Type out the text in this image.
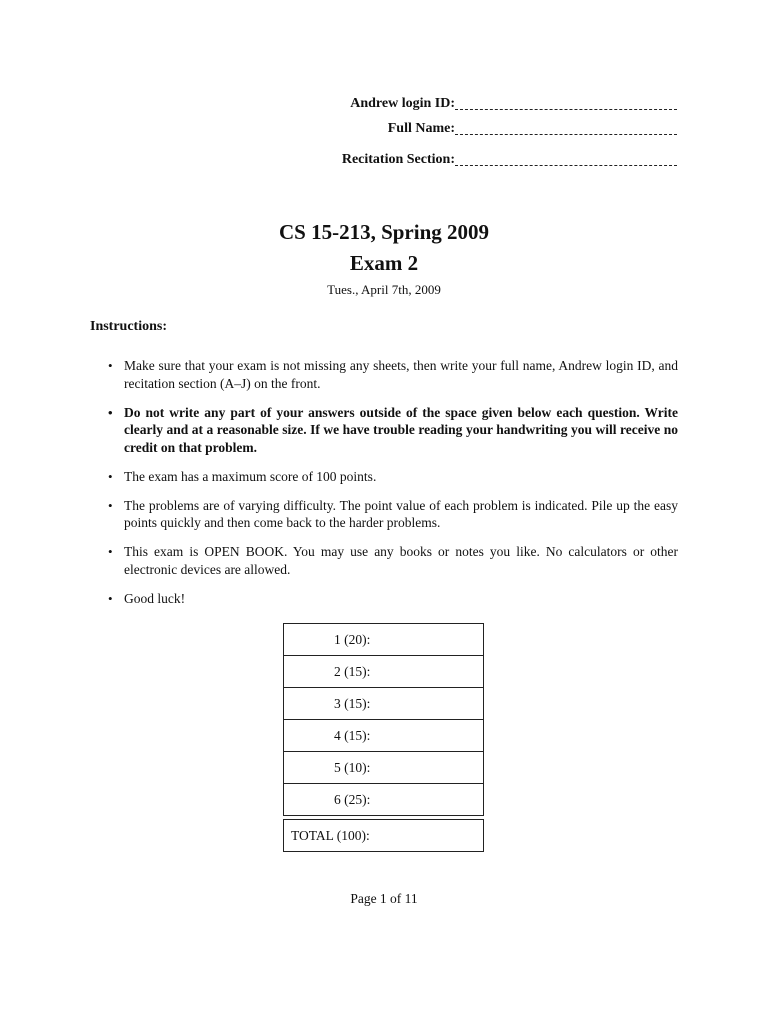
Andrew login ID:
Full Name:
Recitation Section:
CS 15-213, Spring 2009
Exam 2
Tues., April 7th, 2009
Instructions:
• Make sure that your exam is not missing any sheets, then write your full name, Andrew login ID, and recitation section (A–J) on the front.
• Do not write any part of your answers outside of the space given below each question. Write clearly and at a reasonable size. If we have trouble reading your handwriting you will receive no credit on that problem.
• The exam has a maximum score of 100 points.
• The problems are of varying difficulty. The point value of each problem is indicated. Pile up the easy points quickly and then come back to the harder problems.
• This exam is OPEN BOOK. You may use any books or notes you like. No calculators or other electronic devices are allowed.
• Good luck!
1 (20):
2 (15):
3 (15):
4 (15):
5 (10):
6 (25):
TOTAL (100):
Page 1 of 11
